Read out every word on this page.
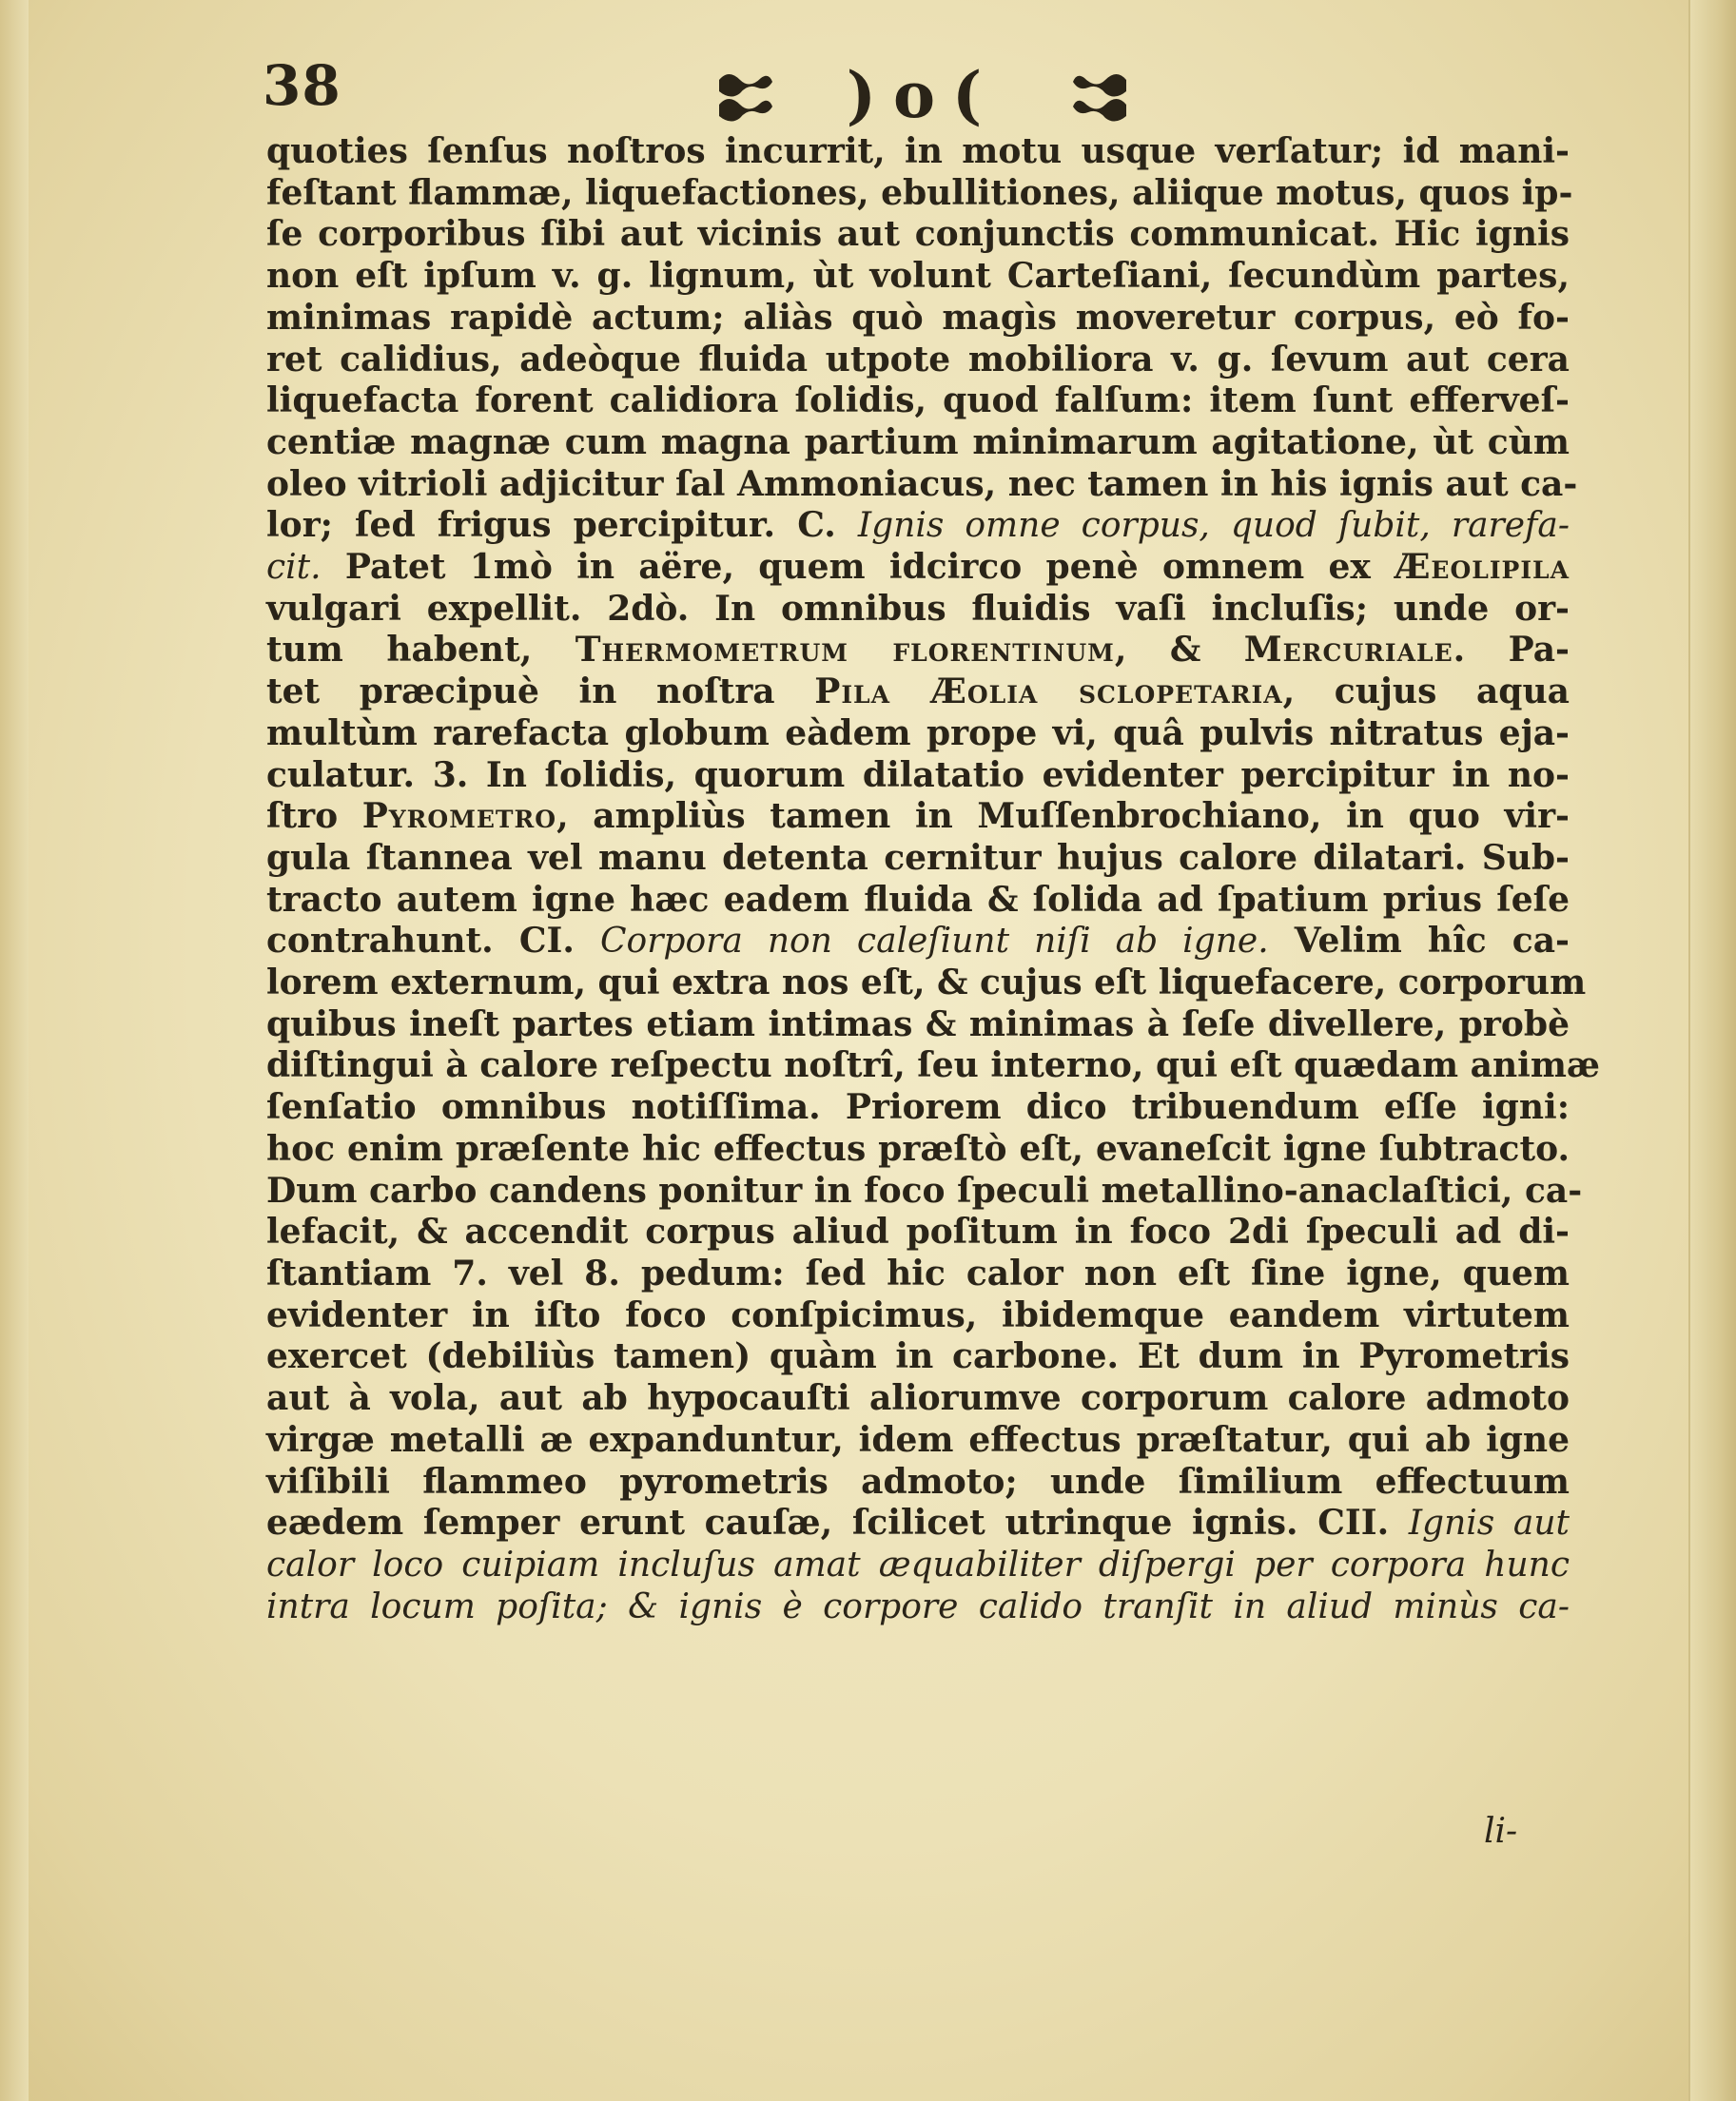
38	)o(
quoties ſenſus noſtros incurrit, in motu usque verſatur; id mani-
feſtant flammæ, liquefactiones, ebullitiones, aliique motus, quos ip-
ſe corporibus ſibi aut vicinis aut conjunctis communicat. Hic ignis
non eſt ipſum v. g. lignum, ùt volunt Carteſiani, ſecundùm partes,
minimas rapidè actum; aliàs quò magìs moveretur corpus, eò fo-
ret calidius, adeòque fluida utpote mobiliora v. g. ſevum aut cera
liquefacta forent calidiora ſolidis, quod falſum: item ſunt efferveſ-
centiæ magnæ cum magna partium minimarum agitatione, ùt cùm
oleo vitrioli adjicitur ſal Ammoniacus, nec tamen in his ignis aut ca-
lor; ſed frigus percipitur. C. Ignis omne corpus, quod ſubit, rarefa-
cit. Patet 1mò in aëre, quem idcirco penè omnem ex Æeolipila
vulgari expellit. 2dò. In omnibus fluidis vaſi incluſis; unde or-
tum habent, Thermometrum florentinum, & Mercuriale. Pa-
tet præcipuè in noſtra Pila Æolia sclopetaria, cujus aqua
multùm rarefacta globum eàdem prope vi, quâ pulvis nitratus eja-
culatur. 3. In ſolidis, quorum dilatatio evidenter percipitur in no-
ſtro Pyrometro, ampliùs tamen in Muſſenbrochiano, in quo vir-
gula ſtannea vel manu detenta cernitur hujus calore dilatari. Sub-
tracto autem igne hæc eadem fluida & ſolida ad ſpatium prius ſeſe
contrahunt. CI. Corpora non caleſiunt niſi ab igne. Velim hîc ca-
lorem externum, qui extra nos eſt, & cujus eſt liquefacere, corporum
quibus ineſt partes etiam intimas & minimas à ſeſe divellere, probè
diſtingui à calore reſpectu noſtrî, ſeu interno, qui eſt quædam animæ
ſenſatio omnibus notiſſima. Priorem dico tribuendum eſſe igni:
hoc enim præſente hic effectus præſtò eſt, evaneſcit igne ſubtracto.
Dum carbo candens ponitur in foco ſpeculi metallino-anaclaſtici, ca-
lefacit, & accendit corpus aliud poſitum in foco 2di ſpeculi ad di-
ſtantiam 7. vel 8. pedum: ſed hic calor non eſt ſine igne, quem
evidenter in iſto foco conſpicimus, ibidemque eandem virtutem
exercet (debiliùs tamen) quàm in carbone. Et dum in Pyrometris
aut à vola, aut ab hypocauſti aliorumve corporum calore admoto
virgæ metalli æ expanduntur, idem effectus præſtatur, qui ab igne
viſibili flammeo pyrometris admoto; unde ſimilium effectuum
eædem ſemper erunt cauſæ, ſcilicet utrinque ignis. CII. Ignis aut
calor loco cuipiam incluſus amat æquabiliter diſpergi per corpora hunc
intra locum poſita; & ignis è corpore calido tranſit in aliud minùs ca-
li-
